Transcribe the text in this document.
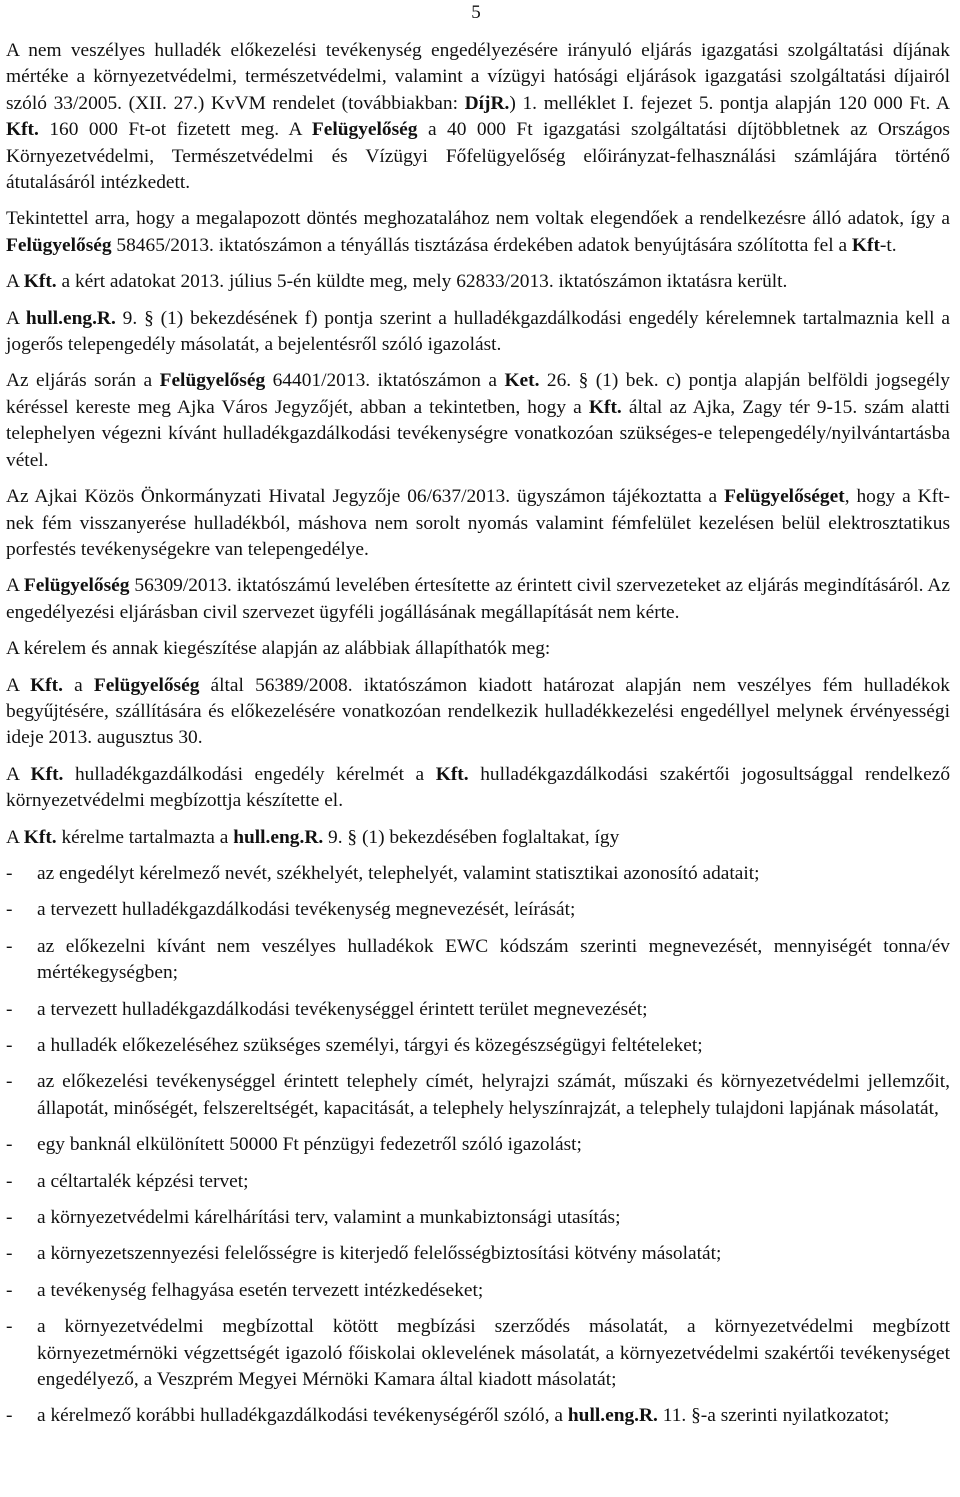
5

A nem veszélyes hulladék előkezelési tevékenység engedélyezésére irányuló eljárás igazgatási szolgáltatási díjának mértéke a környezetvédelmi, természetvédelmi, valamint a vízügyi hatósági eljárások igazgatási szolgáltatási díjairól szóló 33/2005. (XII. 27.) KvVM rendelet (továbbiakban: DíjR.) 1. melléklet I. fejezet 5. pontja alapján 120 000 Ft. A Kft. 160 000 Ft-ot fizetett meg. A Felügyelőség a 40 000 Ft igazgatási szolgáltatási díjtöbbletnek az Országos Környezetvédelmi, Természetvédelmi és Vízügyi Főfelügyelőség előirányzat-felhasználási számlájára történő átutalásáról intézkedett.

Tekintettel arra, hogy a megalapozott döntés meghozatalához nem voltak elegendőek a rendelkezésre álló adatok, így a Felügyelőség 58465/2013. iktatószámon a tényállás tisztázása érdekében adatok benyújtására szólította fel a Kft-t.

A Kft. a kért adatokat 2013. július 5-én küldte meg, mely 62833/2013. iktatószámon iktatásra került.

A hull.eng.R. 9. § (1) bekezdésének f) pontja szerint a hulladékgazdálkodási engedély kérelemnek tartalmaznia kell a jogerős telepengedély másolatát, a bejelentésről szóló igazolást.

Az eljárás során a Felügyelőség 64401/2013. iktatószámon a Ket. 26. § (1) bek. c) pontja alapján belföldi jogsegély kéréssel kereste meg Ajka Város Jegyzőjét, abban a tekintetben, hogy a Kft. által az Ajka, Zagy tér 9-15. szám alatti telephelyen végezni kívánt hulladékgazdálkodási tevékenységre vonatkozóan szükséges-e telepengedély/nyilvántartásba vétel.

Az Ajkai Közös Önkormányzati Hivatal Jegyzője 06/637/2013. ügyszámon tájékoztatta a Felügyelőséget, hogy a Kft-nek fém visszanyerése hulladékból, máshova nem sorolt nyomás valamint fémfelület kezelésen belül elektrosztatikus porfestés tevékenységekre van telepengedélye.

A Felügyelőség 56309/2013. iktatószámú levelében értesítette az érintett civil szervezeteket az eljárás megindításáról. Az engedélyezési eljárásban civil szervezet ügyféli jogállásának megállapítását nem kérte.

A kérelem és annak kiegészítése alapján az alábbiak állapíthatók meg:

A Kft. a Felügyelőség által 56389/2008. iktatószámon kiadott határozat alapján nem veszélyes fém hulladékok begyűjtésére, szállítására és előkezelésére vonatkozóan rendelkezik hulladékkezelési engedéllyel melynek érvényességi ideje 2013. augusztus 30.

A Kft. hulladékgazdálkodási engedély kérelmét a Kft. hulladékgazdálkodási szakértői jogosultsággal rendelkező környezetvédelmi megbízottja készítette el.

A Kft. kérelme tartalmazta a hull.eng.R. 9. § (1) bekezdésében foglaltakat, így

- az engedélyt kérelmező nevét, székhelyét, telephelyét, valamint statisztikai azonosító adatait;
- a tervezett hulladékgazdálkodási tevékenység megnevezését, leírását;
- az előkezelni kívánt nem veszélyes hulladékok EWC kódszám szerinti megnevezését, mennyiségét tonna/év mértékegységben;
- a tervezett hulladékgazdálkodási tevékenységgel érintett terület megnevezését;
- a hulladék előkezeléséhez szükséges személyi, tárgyi és közegészségügyi feltételeket;
- az előkezelési tevékenységgel érintett telephely címét, helyrajzi számát, műszaki és környezetvédelmi jellemzőit, állapotát, minőségét, felszereltségét, kapacitását, a telephely helyszínrajzát, a telephely tulajdoni lapjának másolatát,
- egy banknál elkülönített 50000 Ft pénzügyi fedezetről szóló igazolást;
- a céltartalék képzési tervet;
- a környezetvédelmi kárelhárítási terv, valamint a munkabiztonsági utasítás;
- a környezetszennyezési felelősségre is kiterjedő felelősségbiztosítási kötvény másolatát;
- a tevékenység felhagyása esetén tervezett intézkedéseket;
- a környezetvédelmi megbízottal kötött megbízási szerződés másolatát, a környezetvédelmi megbízott környezetmérnöki végzettségét igazoló főiskolai oklevelének másolatát, a környezetvédelmi szakértői tevékenységet engedélyező, a Veszprém Megyei Mérnöki Kamara által kiadott másolatát;
- a kérelmező korábbi hulladékgazdálkodási tevékenységéről szóló, a hull.eng.R. 11. §-a szerinti nyilatkozatot;
